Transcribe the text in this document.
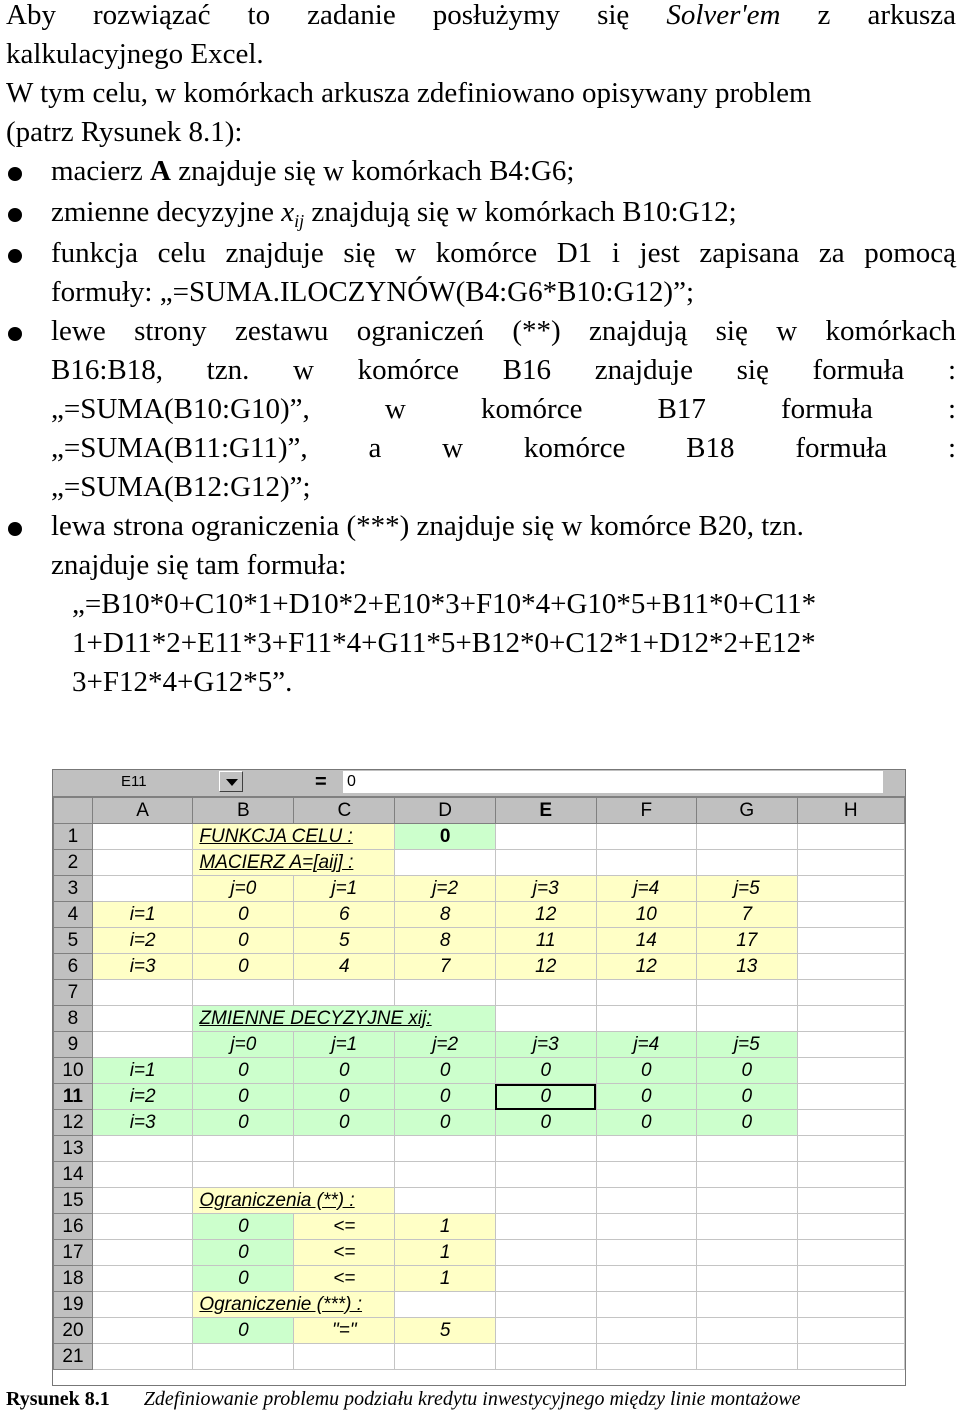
Aby rozwiązać to zadanie posłużymy się Solver'em z arkusza
kalkulacyjnego Excel.
W tym celu, w komórkach arkusza zdefiniowano opisywany problem
(patrz Rysunek 8.1):
macierz A znajduje się w komórkach B4:G6;
zmienne decyzyjne $x_{ij}$ znajdują się w komórkach B10:G12;
funkcja celu znajduje się w komórce D1 i jest zapisana za pomocą
formuły: „=SUMA.ILOCZYNÓW(B4:G6*B10:G12)”;
lewe strony zestawu ograniczeń (**) znajdują się w komórkach
B16:B18, tzn. w komórce B16 znajduje się formuła :
„=SUMA(B10:G10)”, w komórce B17 formuła :
„=SUMA(B11:G11)”, a w komórce B18 formuła :
„=SUMA(B12:G12)”;
lewa strona ograniczenia (***) znajduje się w komórce B20, tzn.
znajduje się tam formuła:
„=B10*0+C10*1+D10*2+E10*3+F10*4+G10*5+B11*0+C11*
1+D11*2+E11*3+F11*4+G11*5+B12*0+C12*1+D12*2+E12*
3+F12*4+G12*5”.
E11	= 0
	A	B	C	D	E	F	G	H
1		FUNKCJA CELU :		0				
2		MACIERZ A=[aij] :						
3		j=0	j=1	j=2	j=3	j=4	j=5	
4	i=1	0	6	8	12	10	7	
5	i=2	0	5	8	11	14	17	
6	i=3	0	4	7	12	12	13	
7								
8		ZMIENNE DECYZYJNE xij:						
9		j=0	j=1	j=2	j=3	j=4	j=5	
10	i=1	0	0	0	0	0	0	
11	i=2	0	0	0	0	0	0	
12	i=3	0	0	0	0	0	0	
13								
14								
15		Ograniczenia (**) :						
16		0	<=	1				
17		0	<=	1				
18		0	<=	1				
19		Ograniczenie (***) :						
20		0	"="	5				
21								
Rysunek 8.1 Zdefiniowanie problemu podziału kredytu inwestycyjnego między linie montażowe
